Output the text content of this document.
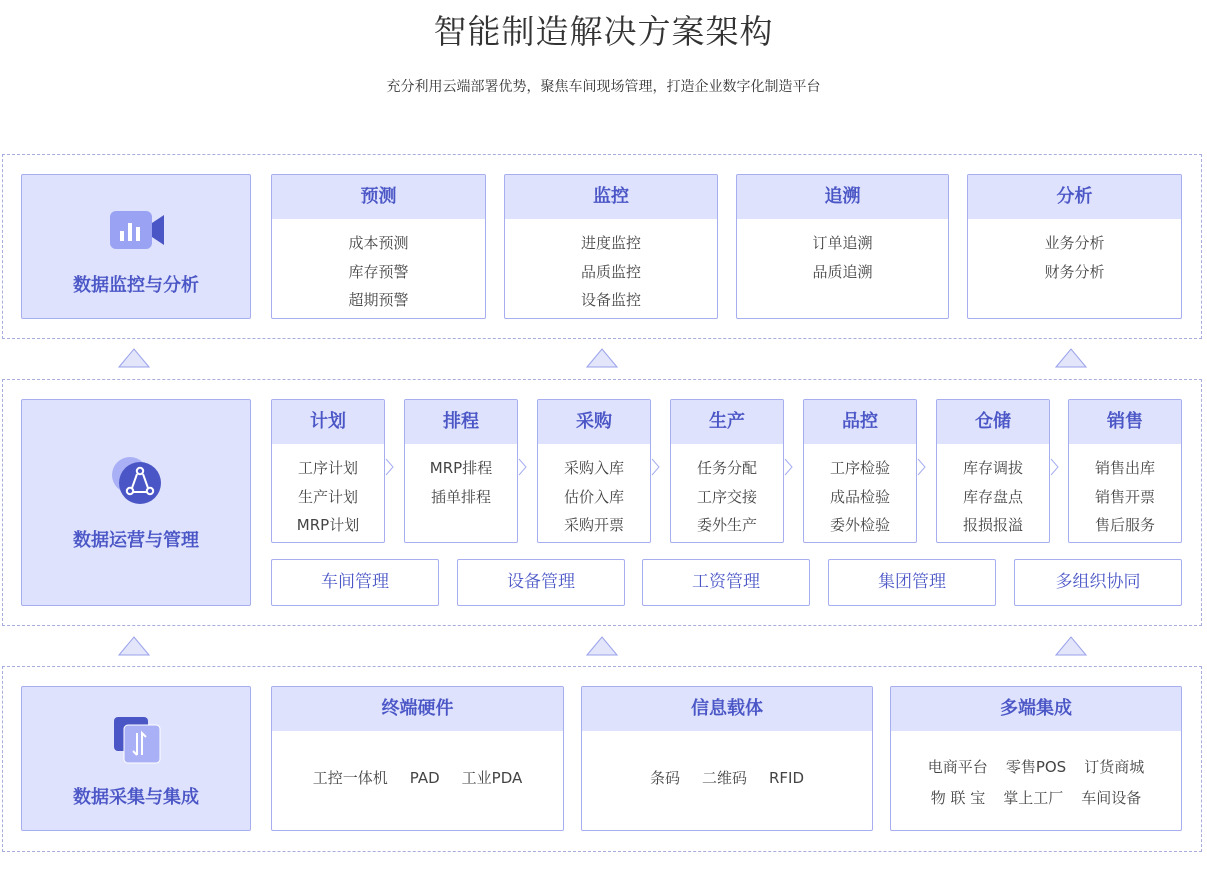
智能制造解决方案架构
充分利用云端部署优势，聚焦车间现场管理，打造企业数字化制造平台
数据监控与分析
预测
成本预测
库存预警
超期预警
监控
进度监控
品质监控
设备监控
追溯
订单追溯
品质追溯
分析
业务分析
财务分析
数据运营与管理
计划
工序计划
生产计划
MRP计划
排程
MRP排程
插单排程
采购
采购入库
估价入库
采购开票
生产
任务分配
工序交接
委外生产
品控
工序检验
成品检验
委外检验
仓储
库存调拔
库存盘点
报损报溢
销售
销售出库
销售开票
售后服务
车间管理	设备管理	工资管理	集团管理	多组织协同
数据采集与集成
终端硬件
工控一体机 PAD 工业PDA
信息载体
条码 二维码 RFID
多端集成
电商平台 零售POS 订货商城
物 联 宝 掌上工厂 车间设备
